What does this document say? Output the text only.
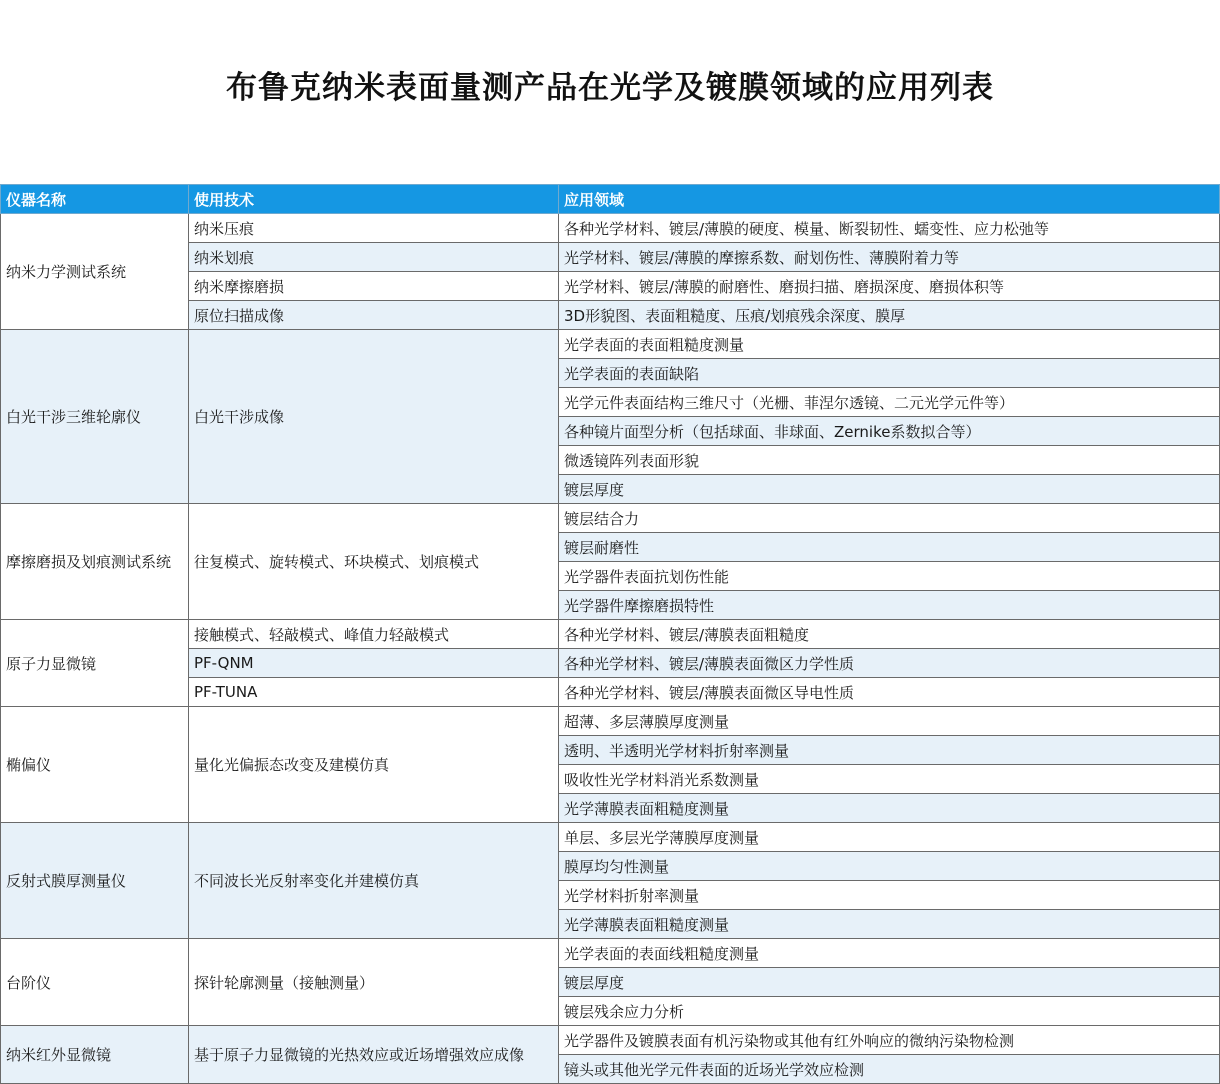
布鲁克纳米表面量测产品在光学及镀膜领域的应用列表
仪器名称	使用技术	应用领域
纳米力学测试系统	纳米压痕	各种光学材料、镀层/薄膜的硬度、模量、断裂韧性、蠕变性、应力松弛等
	纳米划痕	光学材料、镀层/薄膜的摩擦系数、耐划伤性、薄膜附着力等
	纳米摩擦磨损	光学材料、镀层/薄膜的耐磨性、磨损扫描、磨损深度、磨损体积等
	原位扫描成像	3D形貌图、表面粗糙度、压痕/划痕残余深度、膜厚
白光干涉三维轮廓仪	白光干涉成像	光学表面的表面粗糙度测量
		光学表面的表面缺陷
		光学元件表面结构三维尺寸（光栅、菲涅尔透镜、二元光学元件等）
		各种镜片面型分析（包括球面、非球面、Zernike系数拟合等）
		微透镜阵列表面形貌
		镀层厚度
摩擦磨损及划痕测试系统	往复模式、旋转模式、环块模式、划痕模式	镀层结合力
		镀层耐磨性
		光学器件表面抗划伤性能
		光学器件摩擦磨损特性
原子力显微镜	接触模式、轻敲模式、峰值力轻敲模式	各种光学材料、镀层/薄膜表面粗糙度
	PF-QNM	各种光学材料、镀层/薄膜表面微区力学性质
	PF-TUNA	各种光学材料、镀层/薄膜表面微区导电性质
椭偏仪	量化光偏振态改变及建模仿真	超薄、多层薄膜厚度测量
		透明、半透明光学材料折射率测量
		吸收性光学材料消光系数测量
		光学薄膜表面粗糙度测量
反射式膜厚测量仪	不同波长光反射率变化并建模仿真	单层、多层光学薄膜厚度测量
		膜厚均匀性测量
		光学材料折射率测量
		光学薄膜表面粗糙度测量
台阶仪	探针轮廓测量（接触测量）	光学表面的表面线粗糙度测量
		镀层厚度
		镀层残余应力分析
纳米红外显微镜	基于原子力显微镜的光热效应或近场增强效应成像	光学器件及镀膜表面有机污染物或其他有红外响应的微纳污染物检测
		镜头或其他光学元件表面的近场光学效应检测
